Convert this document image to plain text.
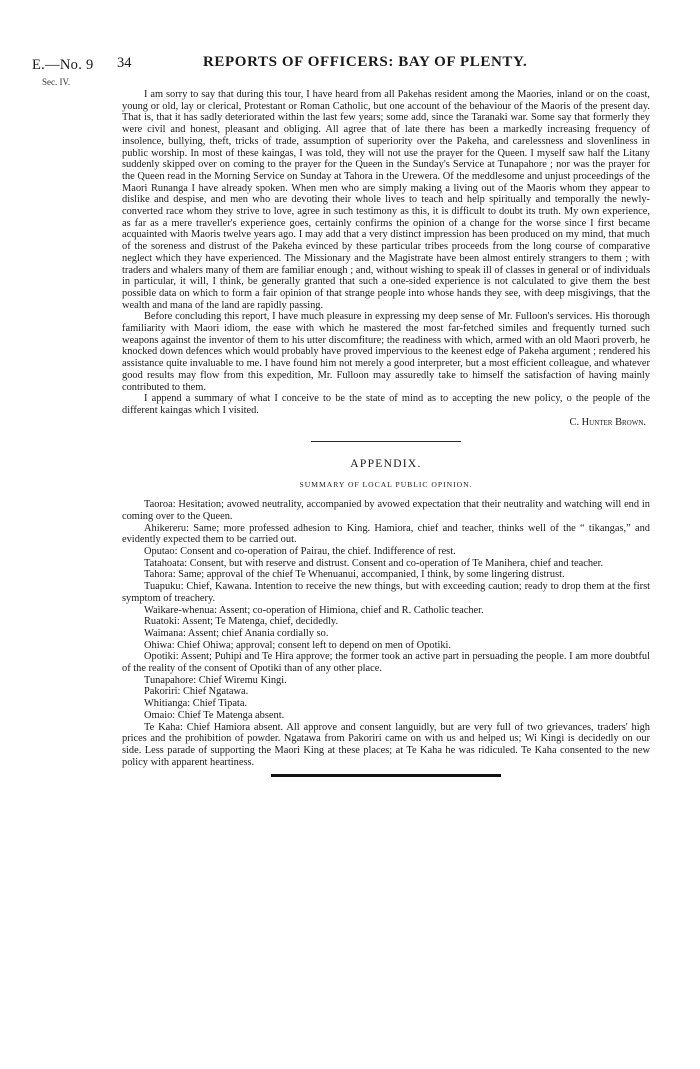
E.—No. 9
Sec. IV.
34	REPORTS OF OFFICERS: BAY OF PLENTY.

I am sorry to say that during this tour, I have heard from all Pakehas resident among the Maories, inland or on the coast, young or old, lay or clerical, Protestant or Roman Catholic, but one account of the behaviour of the Maoris of the present day. That is, that it has sadly deteriorated within the last few years; some add, since the Taranaki war. Some say that formerly they were civil and honest, pleasant and obliging. All agree that of late there has been a markedly increasing frequency of insolence, bullying, theft, tricks of trade, assumption of superiority over the Pakeha, and carelessness and slovenliness in public worship. In most of these kaingas, I was told, they will not use the prayer for the Queen. I myself saw half the Litany suddenly skipped over on coming to the prayer for the Queen in the Sunday's Service at Tunapahore ; nor was the prayer for the Queen read in the Morning Service on Sunday at Tahora in the Urewera. Of the meddlesome and unjust proceedings of the Maori Runanga I have already spoken. When men who are simply making a living out of the Maoris whom they appear to dislike and despise, and men who are devoting their whole lives to teach and help spiritually and temporally the newly-converted race whom they strive to love, agree in such testimony as this, it is difficult to doubt its truth. My own experience, as far as a mere traveller's experience goes, certainly confirms the opinion of a change for the worse since I first became acquainted with Maoris twelve years ago. I may add that a very distinct impression has been produced on my mind, that much of the soreness and distrust of the Pakeha evinced by these particular tribes proceeds from the long course of comparative neglect which they have experienced. The Missionary and the Magistrate have been almost entirely strangers to them ; with traders and whalers many of them are familiar enough ; and, without wishing to speak ill of classes in general or of individuals in particular, it will, I think, be generally granted that such a one-sided experience is not calculated to give them the best possible data on which to form a fair opinion of that strange people into whose hands they see, with deep misgivings, that the wealth and mana of the land are rapidly passing.

Before concluding this report, I have much pleasure in expressing my deep sense of Mr. Fulloon's services. His thorough familiarity with Maori idiom, the ease with which he mastered the most far-fetched similes and frequently turned such weapons against the inventor of them to his utter discomfiture; the readiness with which, armed with an old Maori proverb, he knocked down defences which would probably have proved impervious to the keenest edge of Pakeha argument ; rendered his assistance quite invaluable to me. I have found him not merely a good interpreter, but a most efficient colleague, and whatever good results may flow from this expedition, Mr. Fulloon may assuredly take to himself the satisfaction of having mainly contributed to them.

I append a summary of what I conceive to be the state of mind as to accepting the new policy, o the people of the different kaingas which I visited.

C. Hunter Brown.

APPENDIX.

SUMMARY OF LOCAL PUBLIC OPINION.

Taoroa: Hesitation; avowed neutrality, accompanied by avowed expectation that their neutrality and watching will end in coming over to the Queen.

Ahikereru: Same; more professed adhesion to King. Hamiora, chief and teacher, thinks well of the “ tikangas,” and evidently expected them to be carried out.

Oputao: Consent and co-operation of Pairau, the chief. Indifference of rest.

Tatahoata: Consent, but with reserve and distrust. Consent and co-operation of Te Manihera, chief and teacher.

Tahora: Same; approval of the chief Te Whenuanui, accompanied, I think, by some lingering distrust.

Tuapuku: Chief, Kawana. Intention to receive the new things, but with exceeding caution; ready to drop them at the first symptom of treachery.

Waikare-whenua: Assent; co-operation of Himiona, chief and R. Catholic teacher.

Ruatoki: Assent; Te Matenga, chief, decidedly.

Waimana: Assent; chief Anania cordially so.

Ohiwa: Chief Ohiwa; approval; consent left to depend on men of Opotiki.

Opotiki: Assent; Puhipi and Te Hira approve; the former took an active part in persuading the people. I am more doubtful of the reality of the consent of Opotiki than of any other place.

Tunapahore: Chief Wiremu Kingi.

Pakoriri: Chief Ngatawa.

Whitianga: Chief Tipata.

Omaio: Chief Te Matenga absent.

Te Kaha: Chief Hamiora absent. All approve and consent languidly, but are very full of two grievances, traders' high prices and the prohibition of powder. Ngatawa from Pakoriri came on with us and helped us; Wi Kingi is decidedly on our side. Less parade of supporting the Maori King at these places; at Te Kaha he was ridiculed. Te Kaha consented to the new policy with apparent heartiness.
